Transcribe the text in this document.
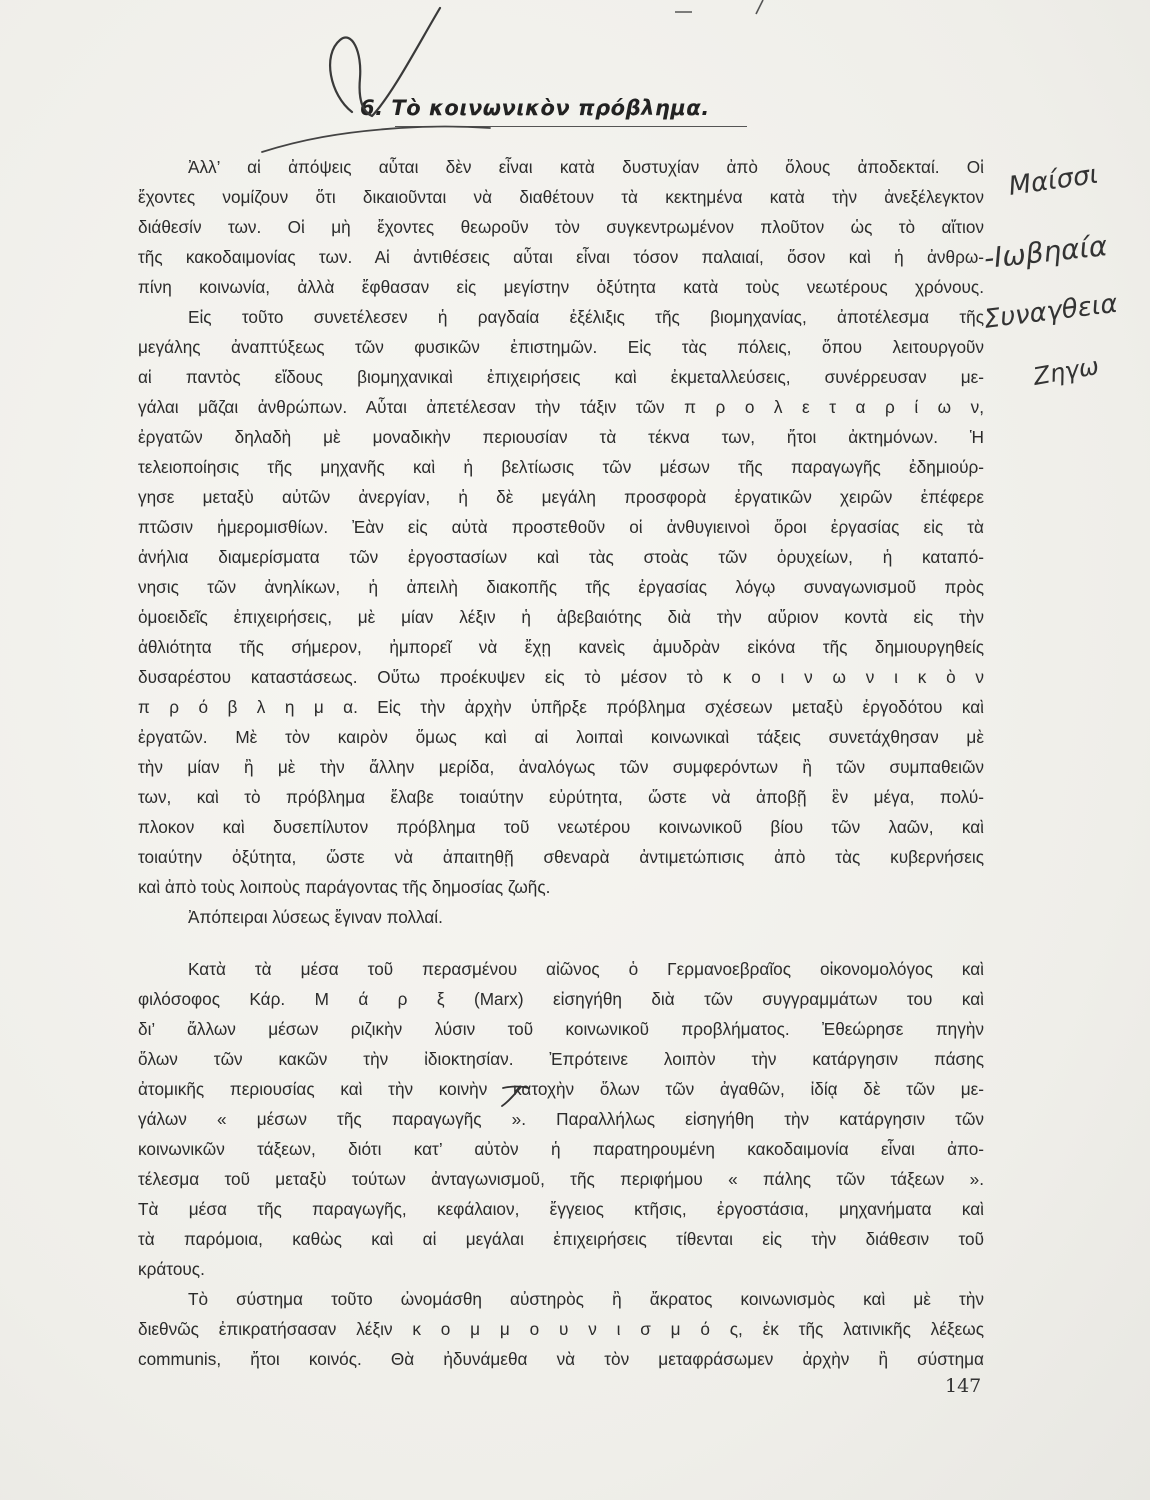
6. Τὸ κοινωνικὸν πρόβλημα.
Ἀλλ’ αἱ ἀπόψεις αὗται δὲν εἶναι κατὰ δυστυχίαν ἀπὸ ὅλους ἀποδεκταί. Οἱ
ἔχοντες νομίζουν ὅτι δικαιοῦνται νὰ διαθέτουν τὰ κεκτημένα κατὰ τὴν ἀνεξέλεγκτον
διάθεσίν των. Οἱ μὴ ἔχοντες θεωροῦν τὸν συγκεντρωμένον πλοῦτον ὡς τὸ αἴτιον
τῆς κακοδαιμονίας των. Αἱ ἀντιθέσεις αὗται εἶναι τόσον παλαιαί, ὅσον καὶ ἡ ἀνθρω-
πίνη κοινωνία, ἀλλὰ ἔφθασαν εἰς μεγίστην ὀξύτητα κατὰ τοὺς νεωτέρους χρόνους.
Εἰς τοῦτο συνετέλεσεν ἡ ραγδαία ἐξέλιξις τῆς βιομηχανίας, ἀποτέλεσμα τῆς
μεγάλης ἀναπτύξεως τῶν φυσικῶν ἐπιστημῶν. Εἰς τὰς πόλεις, ὅπου λειτουργοῦν
αἱ παντὸς εἴδους βιομηχανικαὶ ἐπιχειρήσεις καὶ ἐκμεταλλεύσεις, συνέρρευσαν με-
γάλαι μᾶζαι ἀνθρώπων. Αὗται ἀπετέλεσαν τὴν τάξιν τῶν π ρ ο λ ε τ α ρ ί ω ν,
ἐργατῶν δηλαδὴ μὲ μοναδικὴν περιουσίαν τὰ τέκνα των, ἤτοι ἀκτημόνων. Ἡ
τελειοποίησις τῆς μηχανῆς καὶ ἡ βελτίωσις τῶν μέσων τῆς παραγωγῆς ἐδημιούρ-
γησε μεταξὺ αὐτῶν ἀνεργίαν, ἡ δὲ μεγάλη προσφορὰ ἐργατικῶν χειρῶν ἐπέφερε
πτῶσιν ἡμερομισθίων. Ἐὰν εἰς αὐτὰ προστεθοῦν οἱ ἀνθυγιεινοὶ ὅροι ἐργασίας εἰς τὰ
ἀνήλια διαμερίσματα τῶν ἐργοστασίων καὶ τὰς στοὰς τῶν ὀρυχείων, ἡ καταπό-
νησις τῶν ἀνηλίκων, ἡ ἀπειλὴ διακοπῆς τῆς ἐργασίας λόγῳ συναγωνισμοῦ πρὸς
ὁμοειδεῖς ἐπιχειρήσεις, μὲ μίαν λέξιν ἡ ἀβεβαιότης διὰ τὴν αὔριον κοντὰ εἰς τὴν
ἀθλιότητα τῆς σήμερον, ἠμπορεῖ νὰ ἔχῃ κανεὶς ἀμυδρὰν εἰκόνα τῆς δημιουργηθείς
δυσαρέστου καταστάσεως. Οὕτω προέκυψεν εἰς τὸ μέσον τὸ κ ο ι ν ω ν ι κ ὸ ν
π ρ ό β λ η μ α. Εἰς τὴν ἀρχὴν ὑπῆρξε πρόβλημα σχέσεων μεταξὺ ἐργοδότου καὶ
ἐργατῶν. Μὲ τὸν καιρὸν ὅμως καὶ αἱ λοιπαὶ κοινωνικαὶ τάξεις συνετάχθησαν μὲ
τὴν μίαν ἢ μὲ τὴν ἄλλην μερίδα, ἀναλόγως τῶν συμφερόντων ἢ τῶν συμπαθειῶν
των, καὶ τὸ πρόβλημα ἔλαβε τοιαύτην εὐρύτητα, ὥστε νὰ ἀποβῇ ἓν μέγα, πολύ-
πλοκον καὶ δυσεπίλυτον πρόβλημα τοῦ νεωτέρου κοινωνικοῦ βίου τῶν λαῶν, καὶ
τοιαύτην ὀξύτητα, ὥστε νὰ ἀπαιτηθῇ σθεναρὰ ἀντιμετώπισις ἀπὸ τὰς κυβερνήσεις
καὶ ἀπὸ τοὺς λοιποὺς παράγοντας τῆς δημοσίας ζωῆς.
Ἀπόπειραι λύσεως ἔγιναν πολλαί.
Κατὰ τὰ μέσα τοῦ περασμένου αἰῶνος ὁ Γερμανοεβραῖος οἰκονομολόγος καὶ
φιλόσοφος Κάρ. Μ ά ρ ξ (Marx) εἰσηγήθη διὰ τῶν συγγραμμάτων του καὶ
δι’ ἄλλων μέσων ριζικὴν λύσιν τοῦ κοινωνικοῦ προβλήματος. Ἐθεώρησε πηγὴν
ὅλων τῶν κακῶν τὴν ἰδιοκτησίαν. Ἐπρότεινε λοιπὸν τὴν κατάργησιν πάσης
ἀτομικῆς περιουσίας καὶ τὴν κοινὴν κατοχὴν ὅλων τῶν ἀγαθῶν, ἰδίᾳ δὲ τῶν με-
γάλων « μέσων τῆς παραγωγῆς ». Παραλλήλως εἰσηγήθη τὴν κατάργησιν τῶν
κοινωνικῶν τάξεων, διότι κατ’ αὐτὸν ἡ παρατηρουμένη κακοδαιμονία εἶναι ἀπο-
τέλεσμα τοῦ μεταξὺ τούτων ἀνταγωνισμοῦ, τῆς περιφήμου « πάλης τῶν τάξεων ».
Τὰ μέσα τῆς παραγωγῆς, κεφάλαιον, ἔγγειος κτῆσις, ἐργοστάσια, μηχανήματα καὶ
τὰ παρόμοια, καθὼς καὶ αἱ μεγάλαι ἐπιχειρήσεις τίθενται εἰς τὴν διάθεσιν τοῦ
κράτους.
Τὸ σύστημα τοῦτο ὠνομάσθη αὐστηρὸς ἢ ἄκρατος κοινωνισμὸς καὶ μὲ τὴν
διεθνῶς ἐπικρατήσασαν λέξιν κ ο μ μ ο υ ν ι σ μ ό ς, ἐκ τῆς λατινικῆς λέξεως
communis, ἤτοι κοινός. Θὰ ἠδυνάμεθα νὰ τὸν μεταφράσωμεν ἀρχὴν ἢ σύστημα
147
Μαίσσι
-Ιωβηαία
Συναγθεια
Ζηγω
